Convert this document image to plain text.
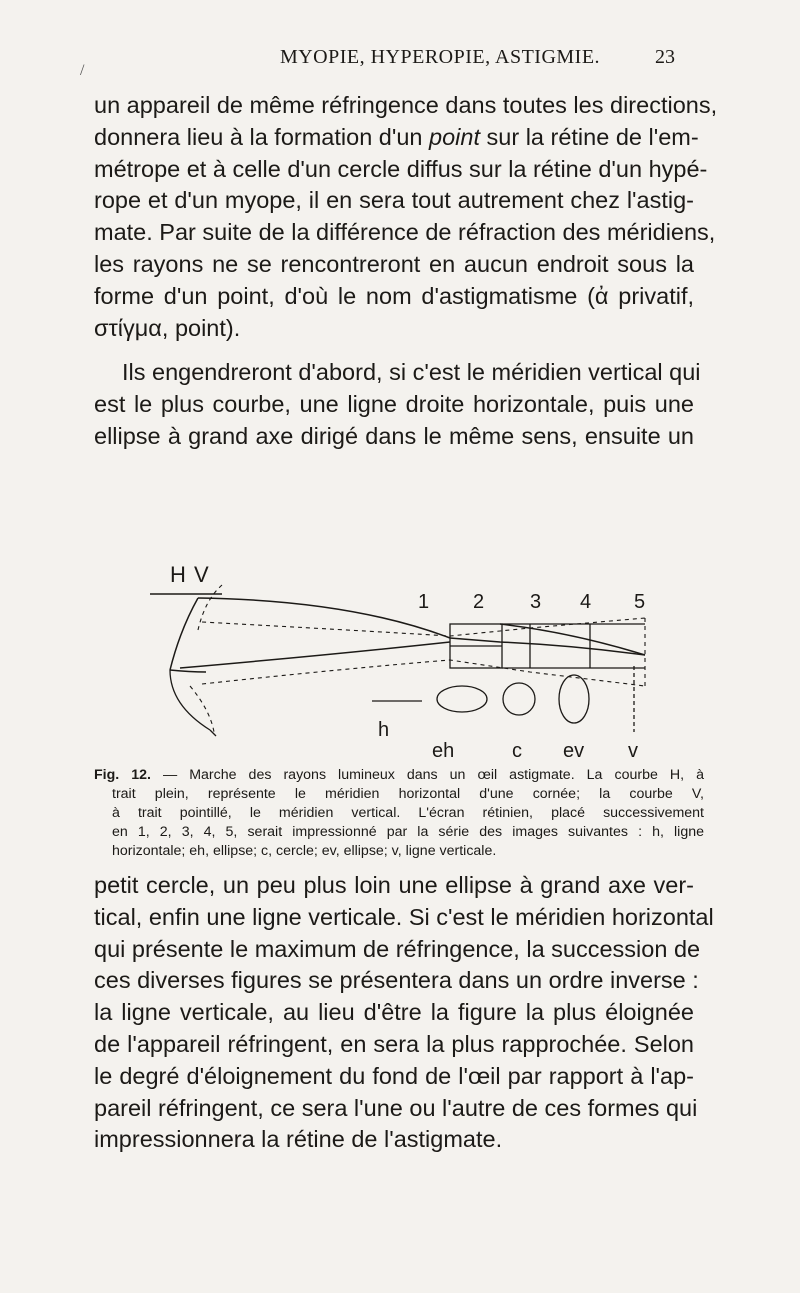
/
MYOPIE, HYPEROPIE, ASTIGMIE.	23
un appareil de même réfringence dans toutes les directions,
donnera lieu à la formation d'un point sur la rétine de l'em-
métrope et à celle d'un cercle diffus sur la rétine d'un hypé-
rope et d'un myope, il en sera tout autrement chez l'astig-
mate. Par suite de la différence de réfraction des méridiens,
les rayons ne se rencontreront en aucun endroit sous la
forme d'un point, d'où le nom d'astigmatisme (ἀ privatif,
στίγμα, point).
Ils engendreront d'abord, si c'est le méridien vertical qui
est le plus courbe, une ligne droite horizontale, puis une
ellipse à grand axe dirigé dans le même sens, ensuite un
H V
1 2 3 4 5
h
eh	c ev v
Fig. 12. — Marche des rayons lumineux dans un œil astigmate. La courbe H, à
trait plein, représente le méridien horizontal d'une cornée; la courbe V,
à trait pointillé, le méridien vertical. L'écran rétinien, placé successivement
en 1, 2, 3, 4, 5, serait impressionné par la série des images suivantes : h, ligne
horizontale; eh, ellipse; c, cercle; ev, ellipse; v, ligne verticale.
petit cercle, un peu plus loin une ellipse à grand axe ver-
tical, enfin une ligne verticale. Si c'est le méridien horizontal
qui présente le maximum de réfringence, la succession de
ces diverses figures se présentera dans un ordre inverse :
la ligne verticale, au lieu d'être la figure la plus éloignée
de l'appareil réfringent, en sera la plus rapprochée. Selon
le degré d'éloignement du fond de l'œil par rapport à l'ap-
pareil réfringent, ce sera l'une ou l'autre de ces formes qui
impressionnera la rétine de l'astigmate.
